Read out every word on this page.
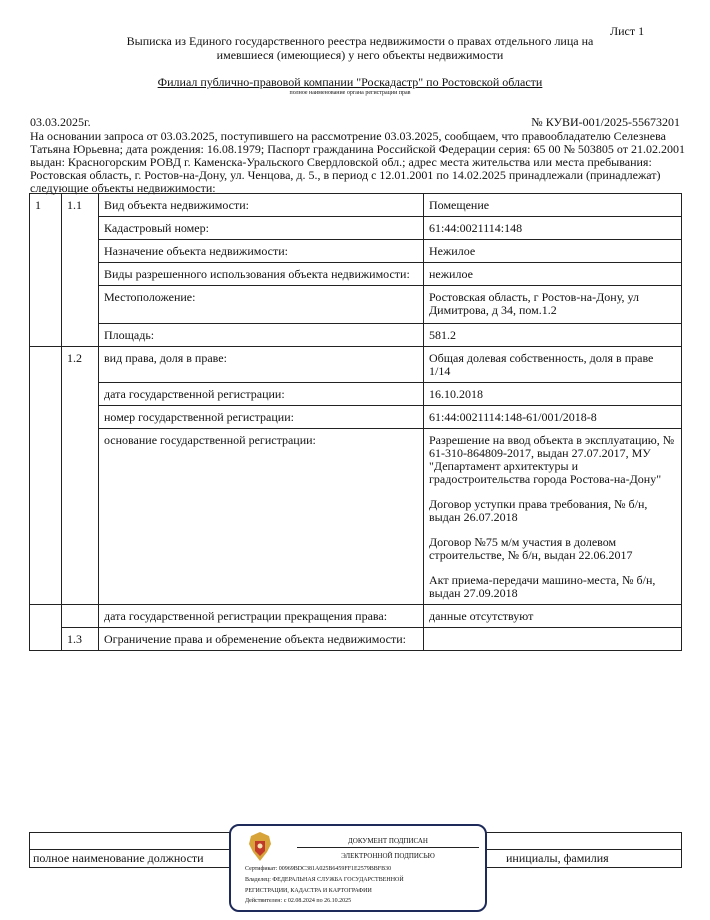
Лист 1
Выписка из Единого государственного реестра недвижимости о правах отдельного лица на
имевшиеся (имеющиеся) у него объекты недвижимости
Филиал публично-правовой компании "Роскадастр" по Ростовской области
полное наименование органа регистрации прав
03.03.2025г.	№ КУВИ-001/2025-55673201
На основании запроса от 03.03.2025, поступившего на рассмотрение 03.03.2025, сообщаем, что правообладателю Селезнева Татьяна Юрьевна; дата рождения: 16.08.1979; Паспорт гражданина Российской Федерации серия: 65 00 № 503805 от 21.02.2001 выдан: Красногорским РОВД г. Каменска-Уральского Свердловской обл.; адрес места жительства или места пребывания: Ростовская область, г. Ростов-на-Дону, ул. Ченцова, д. 5., в период с 12.01.2001 по 14.02.2025 принадлежали (принадлежат) следующие объекты недвижимости:
1	1.1	Вид объекта недвижимости:	Помещение
		Кадастровый номер:	61:44:0021114:148
		Назначение объекта недвижимости:	Нежилое
		Виды разрешенного использования объекта недвижимости:	нежилое
		Местоположение:	Ростовская область, г Ростов-на-Дону, ул Димитрова, д 34, пом.1.2
		Площадь:	581.2
	1.2	вид права, доля в праве:	Общая долевая собственность, доля в праве 1/14
		дата государственной регистрации:	16.10.2018
		номер государственной регистрации:	61:44:0021114:148-61/001/2018-8
		основание государственной регистрации:	Разрешение на ввод объекта в эксплуатацию, № 61-310-864809-2017, выдан 27.07.2017, МУ "Департамент архитектуры и градостроительства города Ростова-на-Дону"
Договор уступки права требования, № б/н, выдан 26.07.2018
Договор №75 м/м участия в долевом строительстве, № б/н, выдан 22.06.2017
Акт приема-передачи машино-места, № б/н, выдан 27.09.2018

		дата государственной регистрации прекращения права:	данные отсутствуют
	1.3	Ограничение права и обременение объекта недвижимости:	

полное наименование должности		инициалы, фамилия
ДОКУМЕНТ ПОДПИСАН
ЭЛЕКТРОННОЙ ПОДПИСЬЮ
Сертификат: 00969BDC381A025B6459FF1E2579BBFB30
Владелец: ФЕДЕРАЛЬНАЯ СЛУЖБА ГОСУДАРСТВЕННОЙ
РЕГИСТРАЦИИ, КАДАСТРА И КАРТОГРАФИИ
Действителен: с 02.08.2024 по 26.10.2025
